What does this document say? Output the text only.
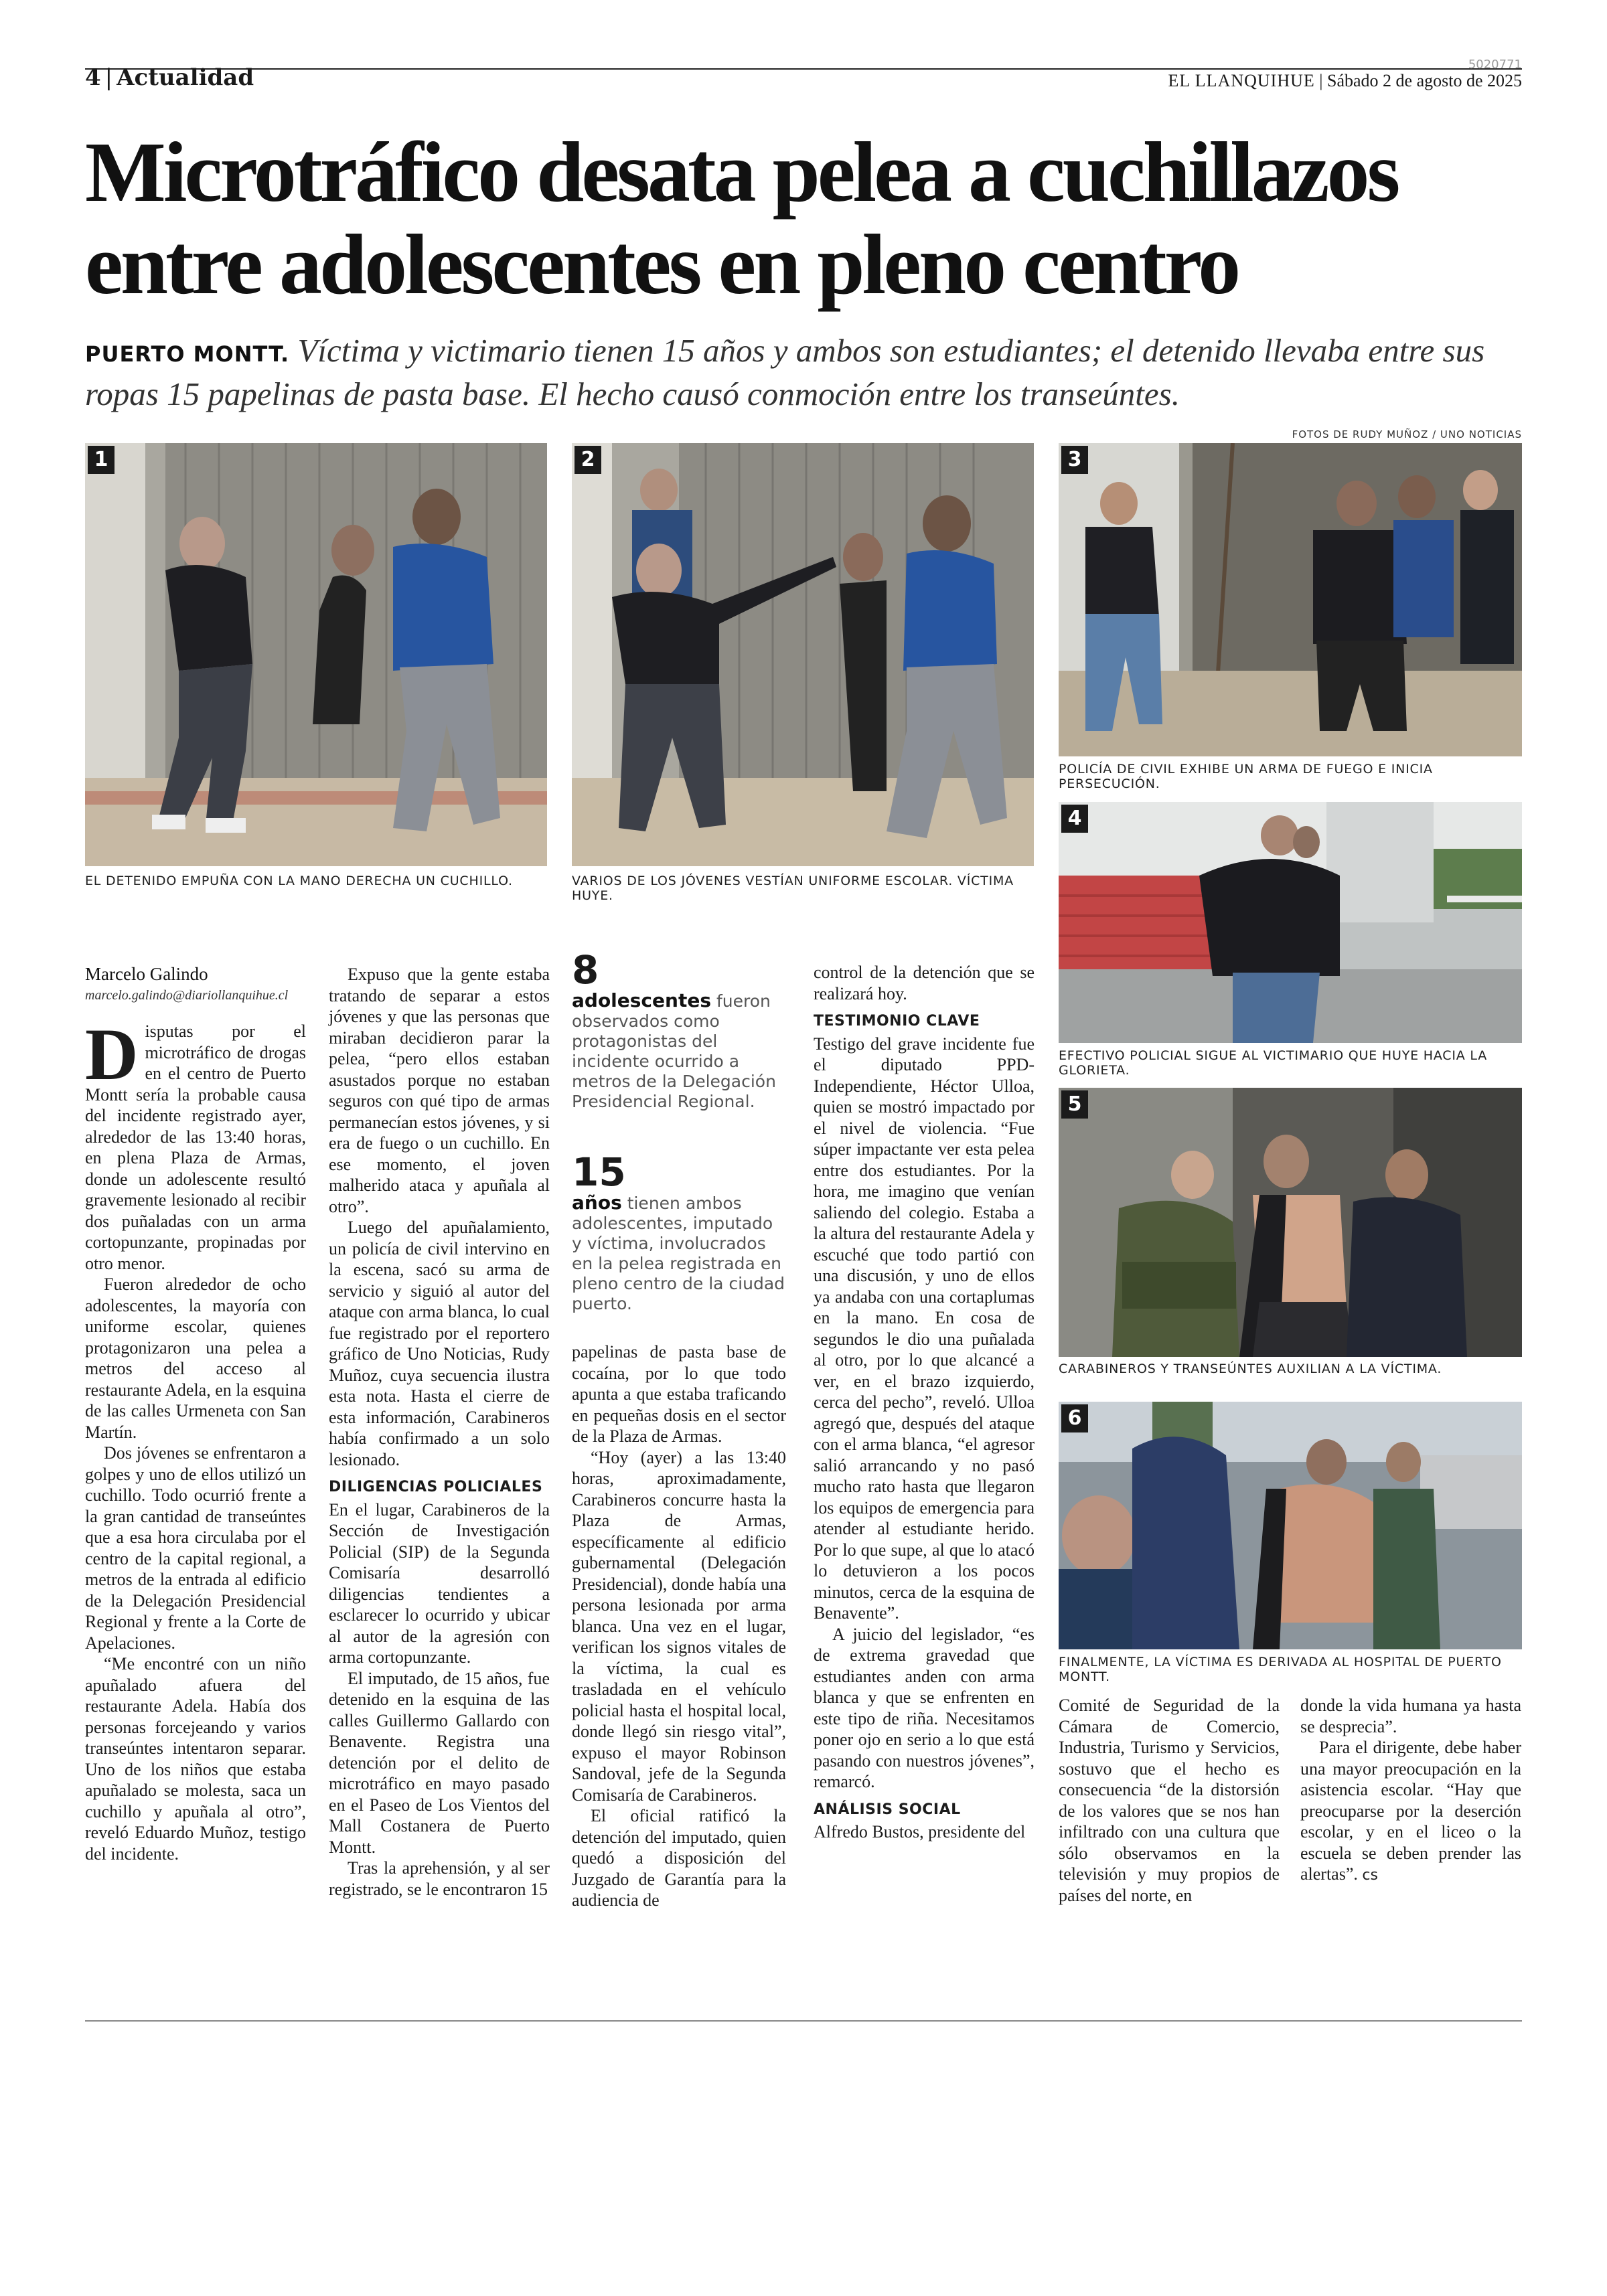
4 | Actualidad	5020771
EL LLANQUIHUE | Sábado 2 de agosto de 2025
Microtráfico desata pelea a cuchillazos entre adolescentes en pleno centro
PUERTO MONTT. Víctima y victimario tienen 15 años y ambos son estudiantes; el detenido llevaba entre sus ropas 15 papelinas de pasta base. El hecho causó conmoción entre los transeúntes.
FOTOS DE RUDY MUÑOZ / UNO NOTICIAS
1
EL DETENIDO EMPUÑA CON LA MANO DERECHA UN CUCHILLO.
2
VARIOS DE LOS JÓVENES VESTÍAN UNIFORME ESCOLAR. VÍCTIMA HUYE.
3
POLICÍA DE CIVIL EXHIBE UN ARMA DE FUEGO E INICIA PERSECUCIÓN.
4
EFECTIVO POLICIAL SIGUE AL VICTIMARIO QUE HUYE HACIA LA GLORIETA.
5
CARABINEROS Y TRANSEÚNTES AUXILIAN A LA VÍCTIMA.
6
FINALMENTE, LA VÍCTIMA ES DERIVADA AL HOSPITAL DE PUERTO MONTT.
Marcelo Galindo
marcelo.galindo@diariollanquihue.cl

Disputas por el microtráfico de drogas en el centro de Puerto Montt sería la probable causa del incidente registrado ayer, alrededor de las 13:40 horas, en plena Plaza de Armas, donde un adolescente resultó gravemente lesionado al recibir dos puñaladas con un arma cortopunzante, propinadas por otro menor.

Fueron alrededor de ocho adolescentes, la mayoría con uniforme escolar, quienes protagonizaron una pelea a metros del acceso al restaurante Adela, en la esquina de las calles Urmeneta con San Martín.

Dos jóvenes se enfrentaron a golpes y uno de ellos utilizó un cuchillo. Todo ocurrió frente a la gran cantidad de transeúntes que a esa hora circulaba por el centro de la capital regional, a metros de la entrada al edificio de la Delegación Presidencial Regional y frente a la Corte de Apelaciones.

“Me encontré con un niño apuñalado afuera del restaurante Adela. Había dos personas forcejeando y varios transeúntes intentaron separar. Uno de los niños que estaba apuñalado se molesta, saca un cuchillo y apuñala al otro”, reveló Eduardo Muñoz, testigo del incidente.

Expuso que la gente estaba tratando de separar a estos jóvenes y que las personas que miraban decidieron parar la pelea, “pero ellos estaban asustados porque no estaban seguros con qué tipo de armas permanecían estos jóvenes, y si era de fuego o un cuchillo. En ese momento, el joven malherido ataca y apuñala al otro”.

Luego del apuñalamiento, un policía de civil intervino en la escena, sacó su arma de servicio y siguió al autor del ataque con arma blanca, lo cual fue registrado por el reportero gráfico de Uno Noticias, Rudy Muñoz, cuya secuencia ilustra esta nota. Hasta el cierre de esta información, Carabineros había confirmado a un solo lesionado.

DILIGENCIAS POLICIALES

En el lugar, Carabineros de la Sección de Investigación Policial (SIP) de la Segunda Comisaría desarrolló diligencias tendientes a esclarecer lo ocurrido y ubicar al autor de la agresión con arma cortopunzante.

El imputado, de 15 años, fue detenido en la esquina de las calles Guillermo Gallardo con Benavente. Registra una detención por el delito de microtráfico en mayo pasado en el Paseo de Los Vientos del Mall Costanera de Puerto Montt.

Tras la aprehensión, y al ser registrado, se le encontraron 15

8
adolescentes fueron observados como protagonistas del incidente ocurrido a metros de la Delegación Presidencial Regional.
15
años tienen ambos adolescentes, imputado y víctima, involucrados en la pelea registrada en pleno centro de la ciudad puerto.

papelinas de pasta base de cocaína, por lo que todo apunta a que estaba traficando en pequeñas dosis en el sector de la Plaza de Armas.

“Hoy (ayer) a las 13:40 horas, aproximadamente, Carabineros concurre hasta la Plaza de Armas, específicamente al edificio gubernamental (Delegación Presidencial), donde había una persona lesionada por arma blanca. Una vez en el lugar, verifican los signos vitales de la víctima, la cual es trasladada en el vehículo policial hasta el hospital local, donde llegó sin riesgo vital”, expuso el mayor Robinson Sandoval, jefe de la Segunda Comisaría de Carabineros.

El oficial ratificó la detención del imputado, quien quedó a disposición del Juzgado de Garantía para la audiencia de

control de la detención que se realizará hoy.

TESTIMONIO CLAVE

Testigo del grave incidente fue el diputado PPD-Independiente, Héctor Ulloa, quien se mostró impactado por el nivel de violencia. “Fue súper impactante ver esta pelea entre dos estudiantes. Por la hora, me imagino que venían saliendo del colegio. Estaba a la altura del restaurante Adela y escuché que todo partió con una discusión, y uno de ellos ya andaba con una cortaplumas en la mano. En cosa de segundos le dio una puñalada al otro, por lo que alcancé a ver, en el brazo izquierdo, cerca del pecho”, reveló. Ulloa agregó que, después del ataque con el arma blanca, “el agresor salió arrancando y no pasó mucho rato hasta que llegaron los equipos de emergencia para atender al estudiante herido. Por lo que supe, al que lo atacó lo detuvieron a los pocos minutos, cerca de la esquina de Benavente”.

A juicio del legislador, “es de extrema gravedad que estudiantes anden con arma blanca y que se enfrenten en este tipo de riña. Necesitamos poner ojo en serio a lo que está pasando con nuestros jóvenes”, remarcó.

ANÁLISIS SOCIAL

Alfredo Bustos, presidente del

Comité de Seguridad de la Cámara de Comercio, Industria, Turismo y Servicios, sostuvo que el hecho es consecuencia “de la distorsión de los valores que se nos han infiltrado con una cultura que sólo observamos en la televisión y muy propios de países del norte, en

donde la vida humana ya hasta se desprecia”.

Para el dirigente, debe haber una mayor preocupación en la asistencia escolar. “Hay que preocuparse por la deserción escolar, y en el liceo o la escuela se deben prender las alertas”. cs
